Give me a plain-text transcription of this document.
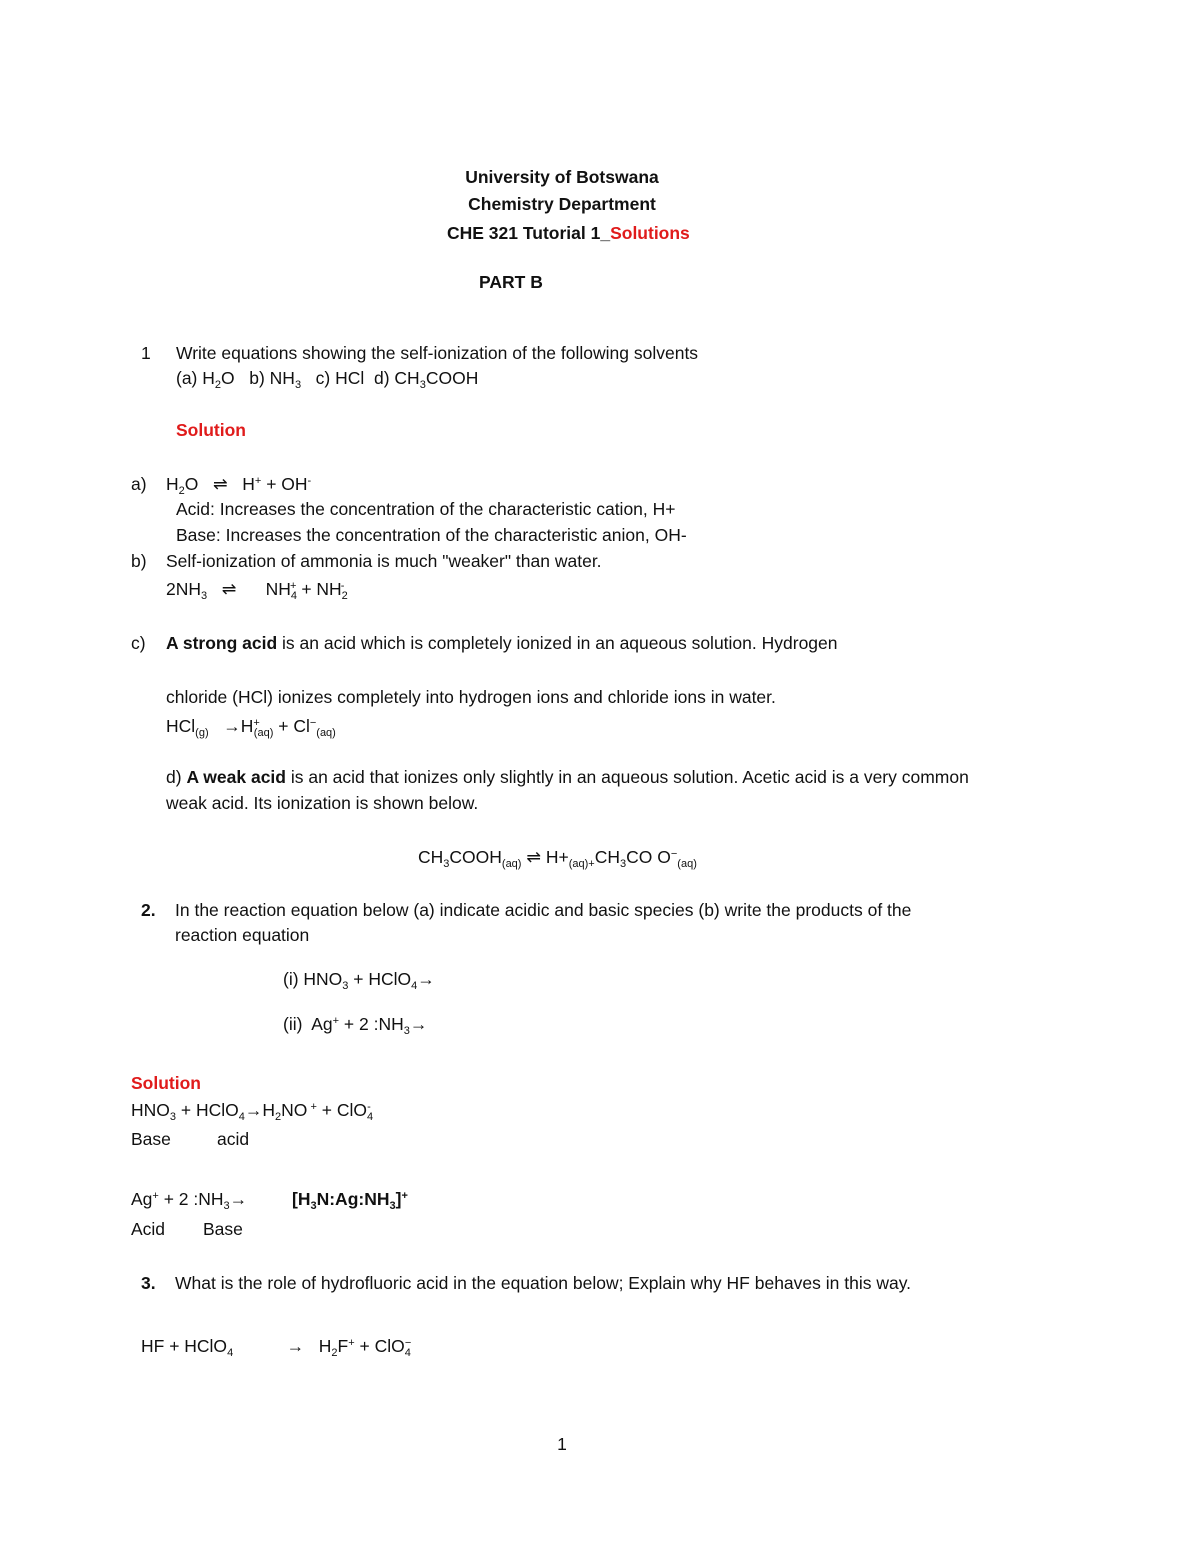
University of Botswana
Chemistry Department
CHE 321 Tutorial 1_Solutions
PART B
1 Write equations showing the self-ionization of the following solvents
(a) $H_2O$ b) $NH_3$ c) HCl d) $CH_3COOH$
Solution
a) $H_2O$ ⇌ H+ + OH-
Acid: Increases the concentration of the characteristic cation, H+
Base: Increases the concentration of the characteristic anion, OH-
b) Self-ionization of ammonia is much "weaker" than water.
$2NH_3$ ⇌ $NH_4^+ + NH_2^-$
c) A strong acid is an acid which is completely ionized in an aqueous solution. Hydrogen
chloride (HCl) ionizes completely into hydrogen ions and chloride ions in water.
$HCl_{(g)} \to H^+_{(aq)} + Cl^-_{(aq)}$
d) A weak acid is an acid that ionizes only slightly in an aqueous solution. Acetic acid is a very common
weak acid. Its ionization is shown below.
$CH_3COOH_{(aq)}$ ⇌ $H+_{(aq)+}CH_3CO$ $O^-_{(aq)}$
2. In the reaction equation below (a) indicate acidic and basic species (b) write the products of the
reaction equation
(i) $HNO_3$ + HClO$_4$→
(ii) Ag+ + 2 $:NH_3\to$
Solution
$HNO_3$ + $HClO_4\to H_2NO$ + + ClO$_4$-
Base	acid
Ag+ + 2 $:NH_3\to$	$[H_3N:Ag:NH_3]^+$
Acid Base
3. What is the role of hydrofluoric acid in the equation below; Explain why HF behaves in this way.
HF + HClO$_4$	→ $H_2F^+ + ClO_4^-$
1
